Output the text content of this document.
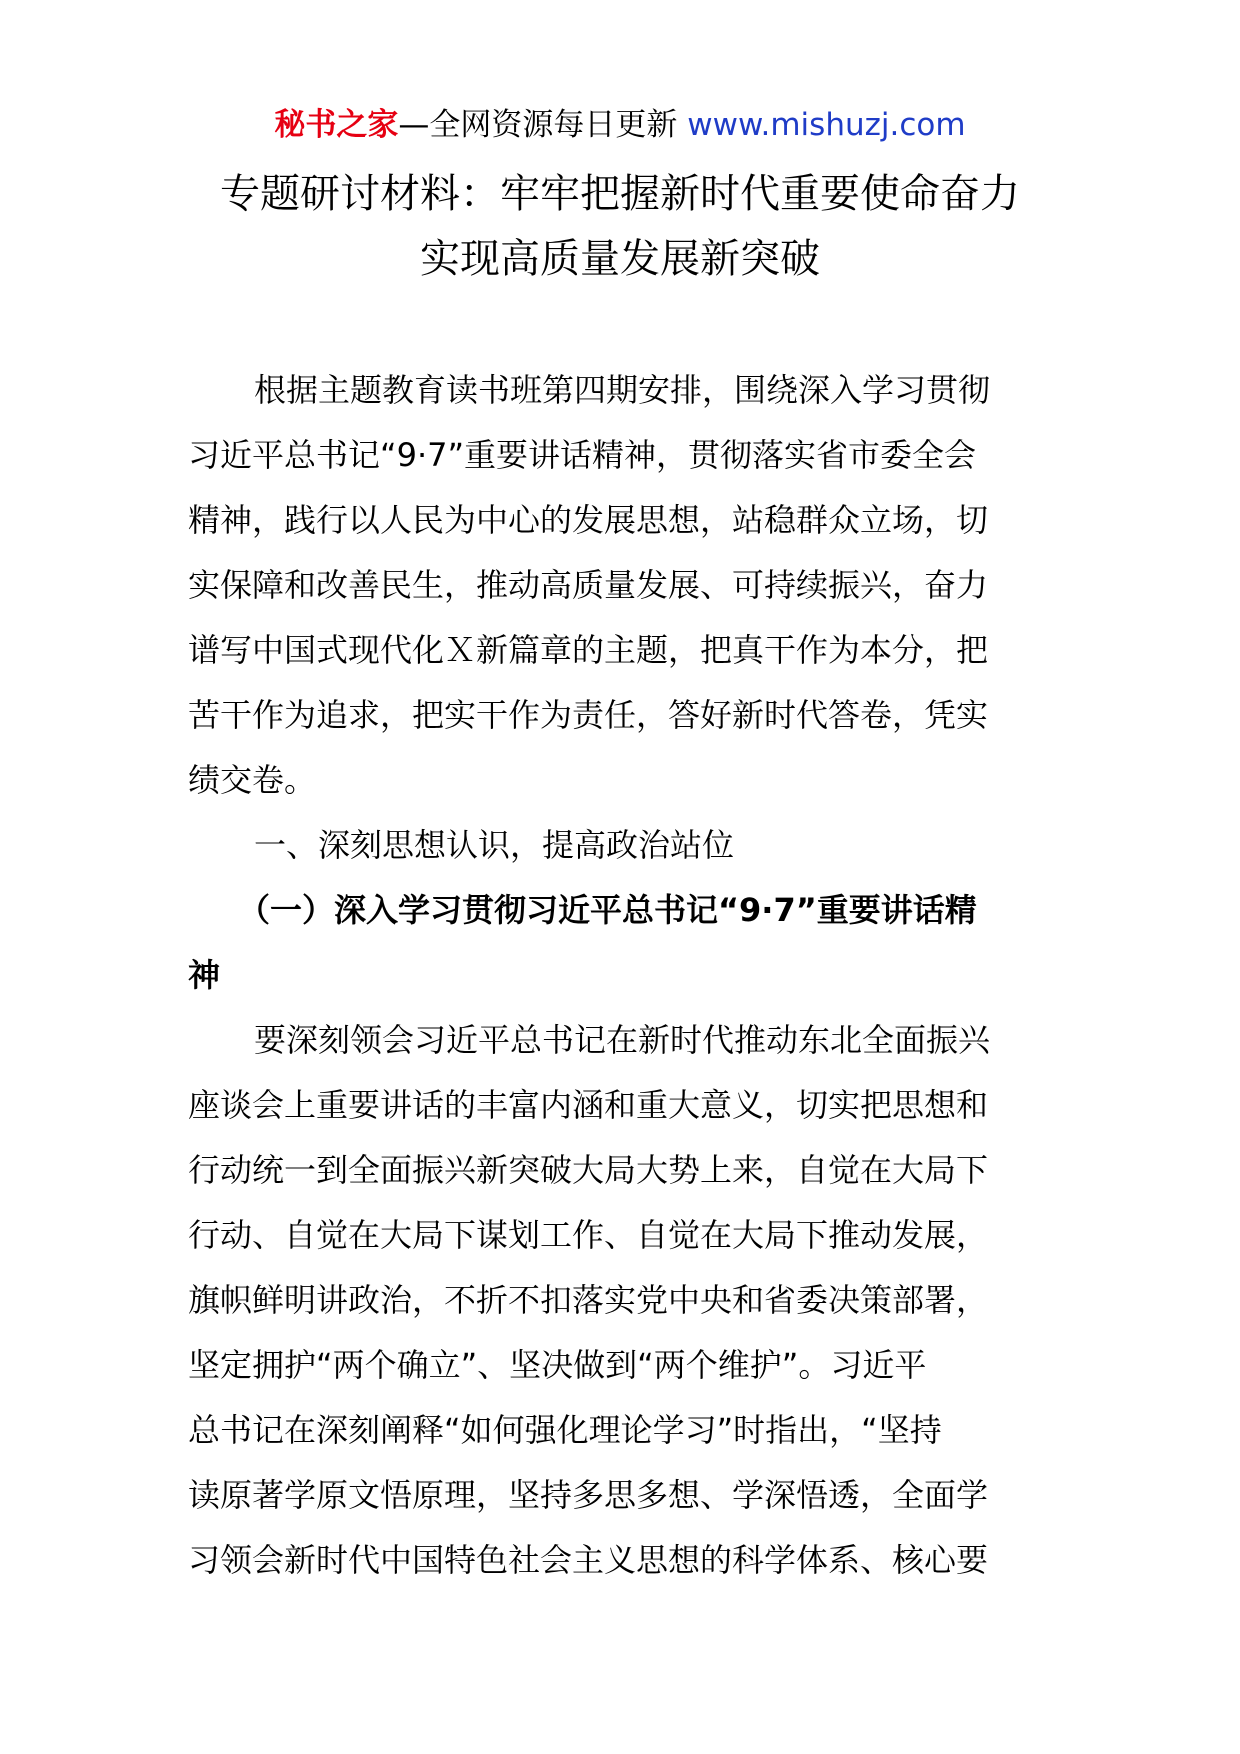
秘书之家—全网资源每日更新 www.mishuzj.com
专题研讨材料：牢牢把握新时代重要使命奋力
实现高质量发展新突破
根据主题教育读书班第四期安排，围绕深入学习贯彻
习近平总书记“9·7”重要讲话精神，贯彻落实省市委全会
精神，践行以人民为中心的发展思想，站稳群众立场，切
实保障和改善民生，推动高质量发展、可持续振兴，奋力
谱写中国式现代化Ｘ新篇章的主题，把真干作为本分，把
苦干作为追求，把实干作为责任，答好新时代答卷，凭实
绩交卷。
一、深刻思想认识，提高政治站位
（一）深入学习贯彻习近平总书记“9·7”重要讲话精
神
要深刻领会习近平总书记在新时代推动东北全面振兴
座谈会上重要讲话的丰富内涵和重大意义，切实把思想和
行动统一到全面振兴新突破大局大势上来，自觉在大局下
行动、自觉在大局下谋划工作、自觉在大局下推动发展，
旗帜鲜明讲政治，不折不扣落实党中央和省委决策部署，
坚定拥护“两个确立”、坚决做到“两个维护”。习近平
总书记在深刻阐释“如何强化理论学习”时指出，“坚持
读原著学原文悟原理，坚持多思多想、学深悟透，全面学
习领会新时代中国特色社会主义思想的科学体系、核心要
